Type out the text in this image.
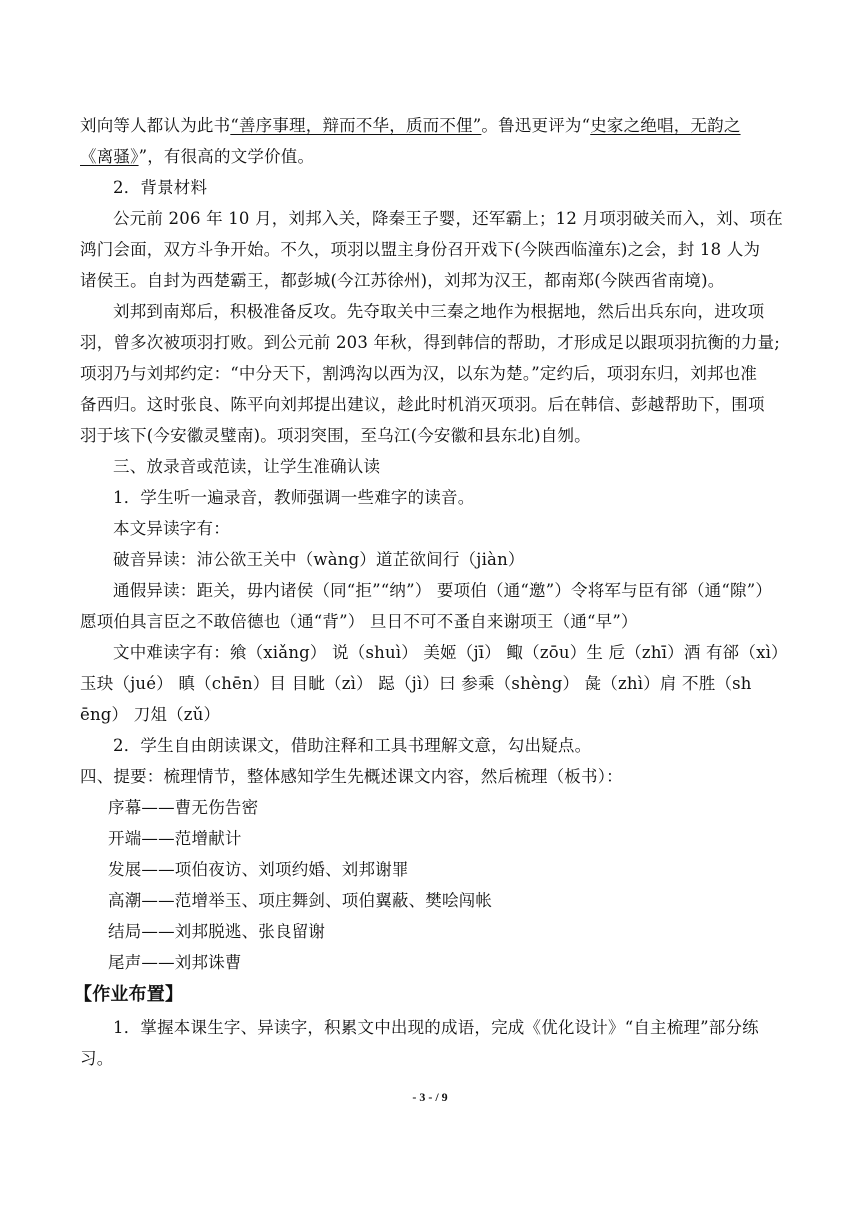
刘向等人都认为此书“善序事理，辩而不华，质而不俚”。鲁迅更评为“史家之绝唱，无韵之
《离骚》”，有很高的文学价值。
2．背景材料
公元前 206 年 10 月，刘邦入关，降秦王子婴，还军霸上；12 月项羽破关而入，刘、项在
鸿门会面，双方斗争开始。不久，项羽以盟主身份召开戏下(今陕西临潼东)之会，封 18 人为
诸侯王。自封为西楚霸王，都彭城(今江苏徐州)，刘邦为汉王，都南郑(今陕西省南境)。
刘邦到南郑后，积极准备反攻。先夺取关中三秦之地作为根据地，然后出兵东向，进攻项
羽，曾多次被项羽打败。到公元前 203 年秋，得到韩信的帮助，才形成足以跟项羽抗衡的力量;
项羽乃与刘邦约定：“中分天下，割鸿沟以西为汉，以东为楚。”定约后，项羽东归，刘邦也准
备西归。这时张良、陈平向刘邦提出建议，趁此时机消灭项羽。后在韩信、彭越帮助下，围项
羽于垓下(今安徽灵璧南)。项羽突围，至乌江(今安徽和县东北)自刎。
三、放录音或范读，让学生准确认读
1．学生听一遍录音，教师强调一些难字的读音。
本文异读字有：
破音异读：沛公欲王关中（wàng）道芷欲间行（jiàn）
通假异读：距关，毋内诸侯（同“拒”“纳”） 要项伯（通“邀”）令将军与臣有郤（通“隙”）
愿项伯具言臣之不敢倍德也（通“背”） 旦日不可不蚤自来谢项王（通“早”）
文中难读字有：飨（xiǎng） 说（shuì） 美姬（jī） 鲰（zōu）生 卮（zhī）酒 有郤（xì）
玉玦（jué） 瞋（chēn）目 目眦（zì） 跽（jì）曰 参乘（shèng） 彘（zhì）肩 不胜（sh
ēng） 刀俎（zǔ）
2．学生自由朗读课文，借助注释和工具书理解文意，勾出疑点。
四、提要：梳理情节，整体感知学生先概述课文内容，然后梳理（板书）：
序幕——曹无伤告密
开端——范增献计
发展——项伯夜访、刘项约婚、刘邦谢罪
高潮——范增举玉、项庄舞剑、项伯翼蔽、樊哙闯帐
结局——刘邦脱逃、张良留谢
尾声——刘邦诛曹
【作业布置】
1．掌握本课生字、异读字，积累文中出现的成语，完成《优化设计》“自主梳理”部分练
习。
- 3 - / 9
